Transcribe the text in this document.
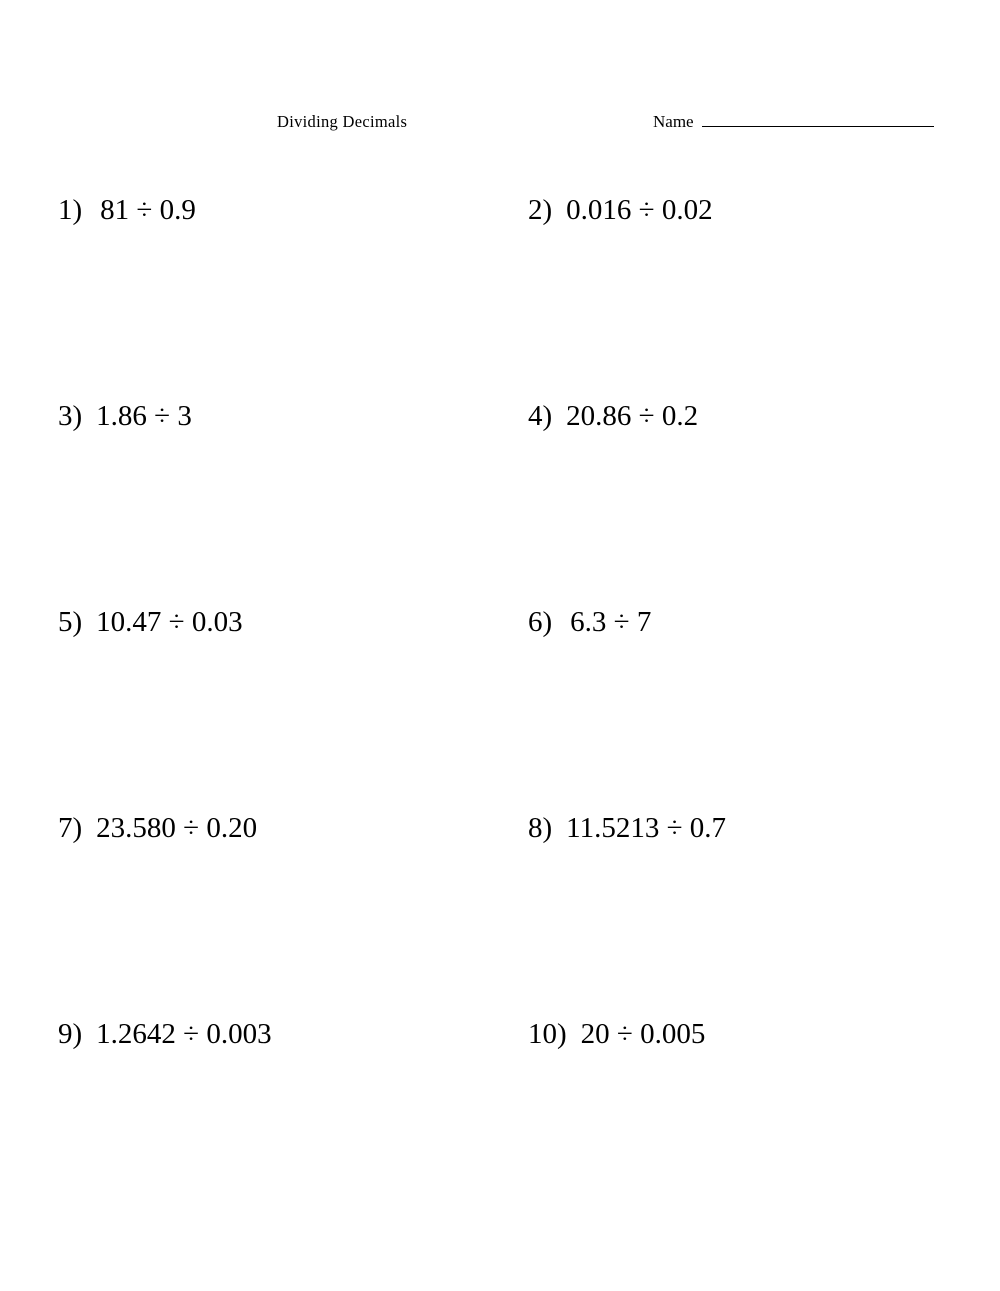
Dividing Decimals	Name
1) 81 ÷ 0.9	2) 0.016 ÷ 0.02
3) 1.86 ÷ 3	4) 20.86 ÷ 0.2
5) 10.47 ÷ 0.03	6) 6.3 ÷ 7
7) 23.580 ÷ 0.20	8) 11.5213 ÷ 0.7
9) 1.2642 ÷ 0.003	10) 20 ÷ 0.005
